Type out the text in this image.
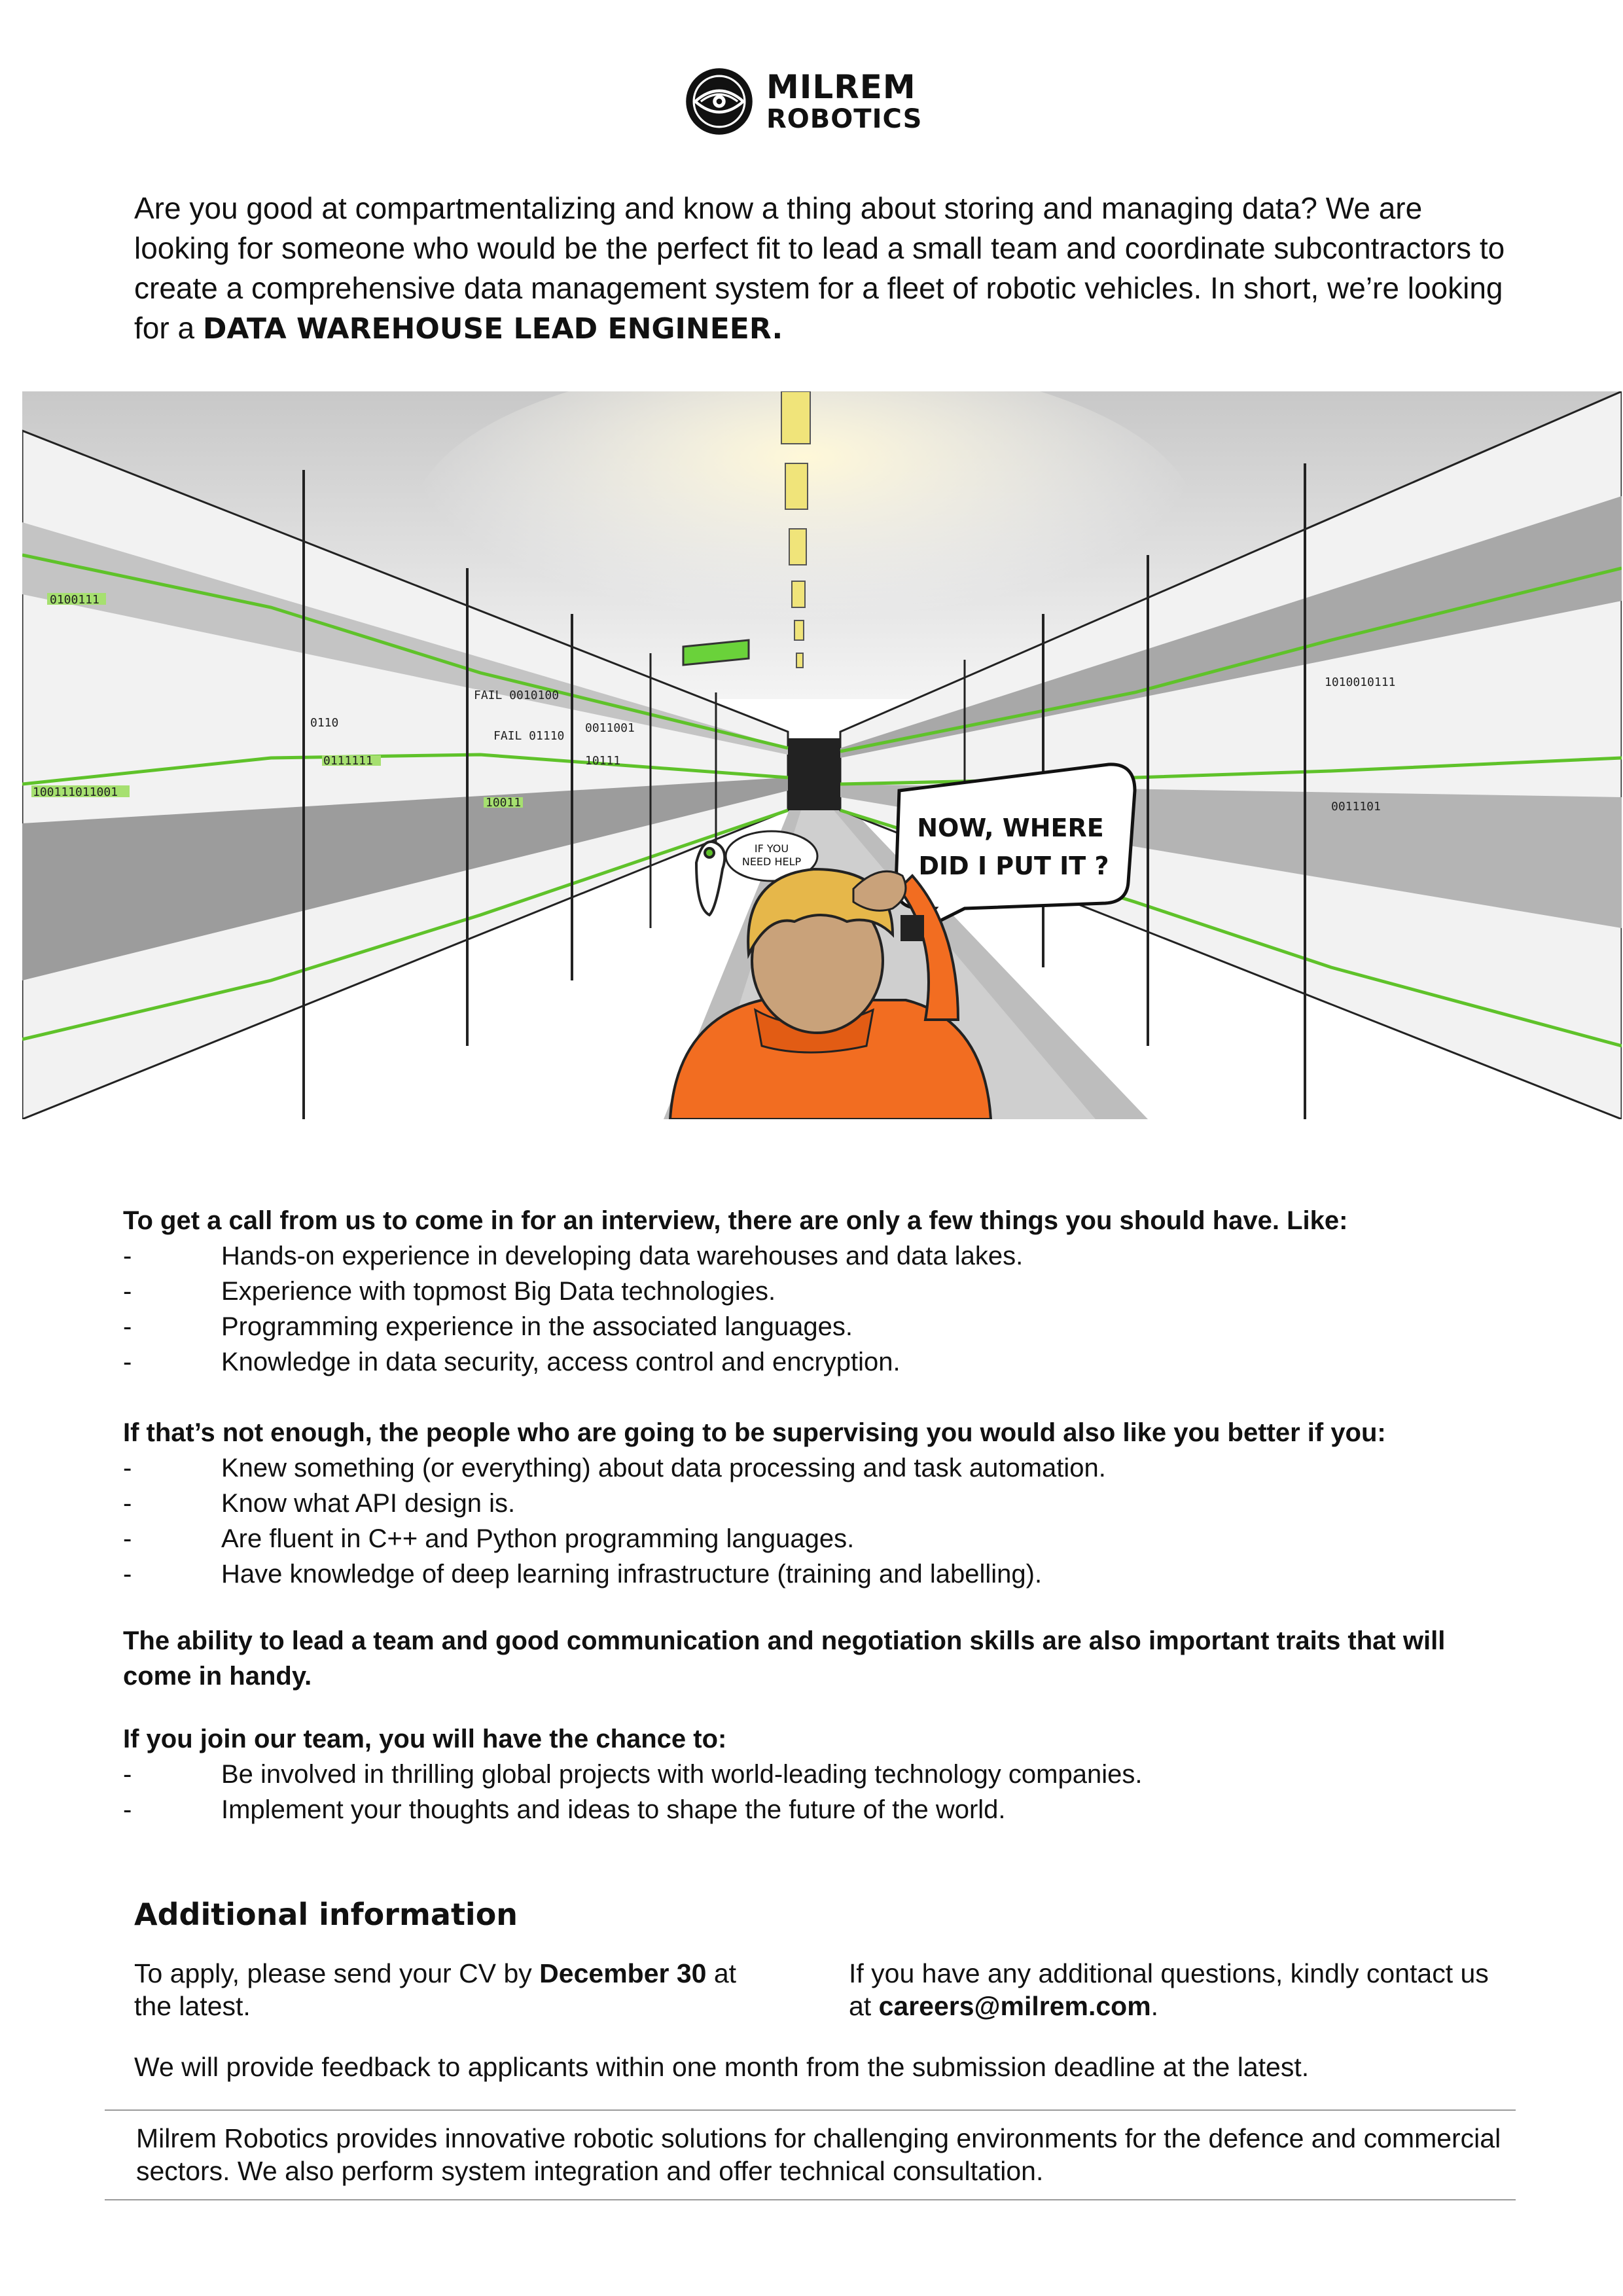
MILREM
ROBOTICS

Are you good at compartmentalizing and know a thing about storing and managing data? We are looking for someone who would be the perfect fit to lead a small team and coordinate subcontractors to create a comprehensive data management system for a fleet of robotic vehicles. In short, we’re looking for a DATA WAREHOUSE LEAD ENGINEER.

0100111
100111011001
0110
0111111
10011
FAIL 0010100
FAIL 01110
0011001
10111
1010010111
0011101
IF YOU
NEED HELP
NOW, WHERE
DID I PUT IT ?

To get a call from us to come in for an interview, there are only a few things you should have. Like:

-	Hands-on experience in developing data warehouses and data lakes.
-	Experience with topmost Big Data technologies.
-	Programming experience in the associated languages.
-	Knowledge in data security, access control and encryption.

If that’s not enough, the people who are going to be supervising you would also like you better if you:

-	Knew something (or everything) about data processing and task automation.
-	Know what API design is.
-	Are fluent in C++ and Python programming languages.
-	Have knowledge of deep learning infrastructure (training and labelling).

The ability to lead a team and good communication and negotiation skills are also important traits that will come in handy.

If you join our team, you will have the chance to:

-	Be involved in thrilling global projects with world-leading technology companies.
-	Implement your thoughts and ideas to shape the future of the world.
Additional information

To apply, please send your CV by December 30 at the latest.

If you have any additional questions, kindly contact us at careers@milrem.com.

We will provide feedback to applicants within one month from the submission deadline at the latest.

Milrem Robotics provides innovative robotic solutions for challenging environments for the defence and commercial sectors. We also perform system integration and offer technical consultation.
